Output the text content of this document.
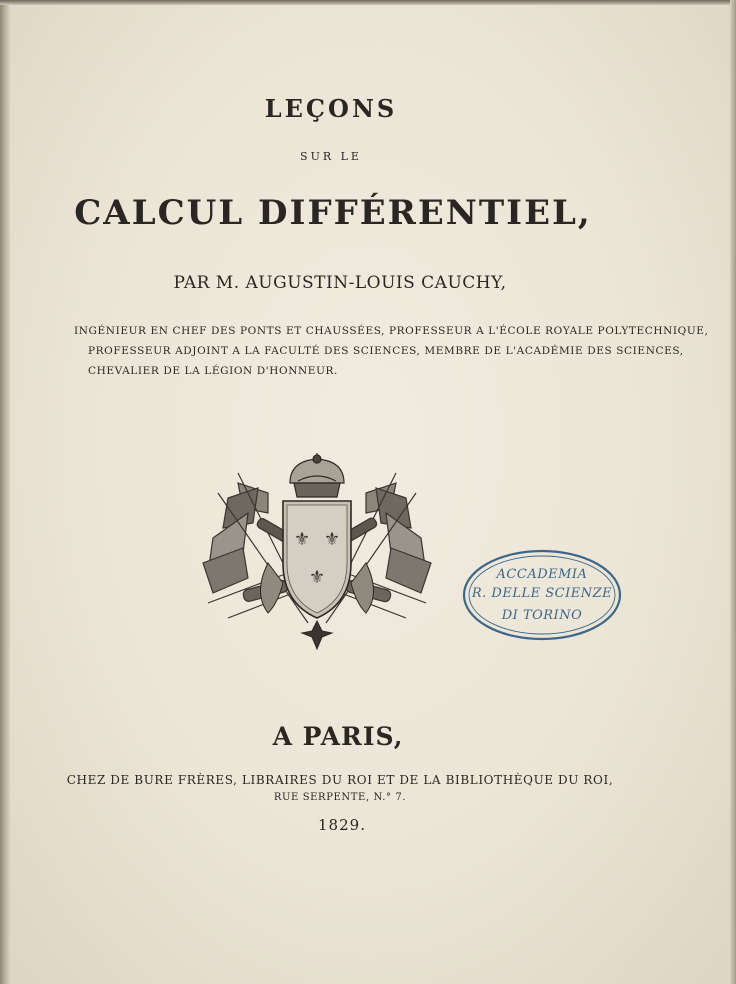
LEÇONS
SUR LE
CALCUL DIFFÉRENTIEL,
PAR M. AUGUSTIN-LOUIS CAUCHY,
INGÉNIEUR EN CHEF DES PONTS ET CHAUSSÉES, PROFESSEUR A L'ÉCOLE ROYALE POLYTECHNIQUE,
PROFESSEUR ADJOINT A LA FACULTÉ DES SCIENCES, MEMBRE DE L'ACADÉMIE DES SCIENCES,
CHEVALIER DE LA LÉGION D'HONNEUR.
⚜ ⚜
⚜	ACCADEMIA
R. DELLE SCIENZE
DI TORINO
A PARIS,
CHEZ DE BURE FRÈRES, LIBRAIRES DU ROI ET DE LA BIBLIOTHÈQUE DU ROI,
RUE SERPENTE, N.° 7.
1829.
